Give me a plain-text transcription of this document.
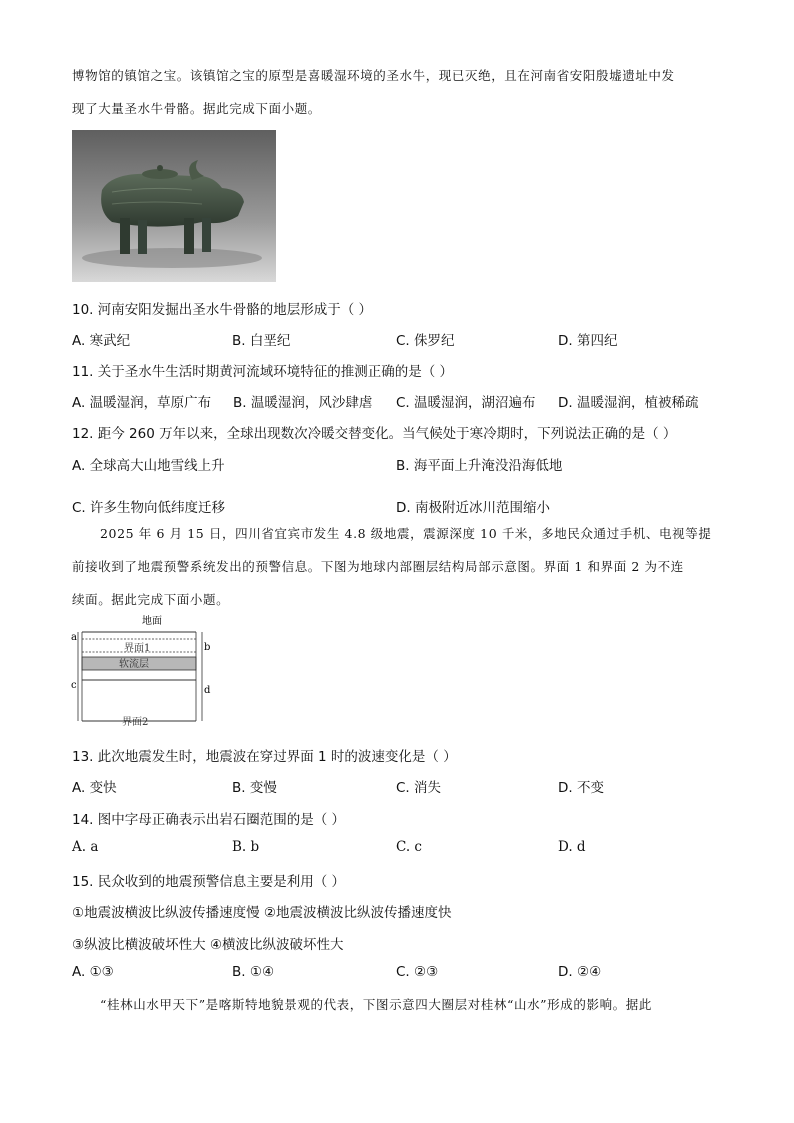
博物馆的镇馆之宝。该镇馆之宝的原型是喜暖湿环境的圣水牛，现已灭绝，且在河南省安阳殷墟遗址中发
现了大量圣水牛骨骼。据此完成下面小题。
10. 河南安阳发掘出圣水牛骨骼的地层形成于（ ）
A. 寒武纪	B. 白垩纪	C. 侏罗纪	D. 第四纪
11. 关于圣水牛生活时期黄河流域环境特征的推测正确的是（ ）
A. 温暖湿润，草原广布 B. 温暖湿润，风沙肆虐 C. 温暖湿润，湖沼遍布 D. 温暖湿润，植被稀疏
12. 距今 260 万年以来，全球出现数次冷暖交替变化。当气候处于寒冷期时，下列说法正确的是（ ）
A. 全球高大山地雪线上升	B. 海平面上升淹没沿海低地
C. 许多生物向低纬度迁移	D. 南极附近冰川范围缩小
2025 年 6 月 15 日，四川省宜宾市发生 4.8 级地震，震源深度 10 千米，多地民众通过手机、电视等提
前接收到了地震预警系统发出的预警信息。下图为地球内部圈层结构局部示意图。界面 1 和界面 2 为不连
续面。据此完成下面小题。
地面
界面1
软流层
界面2
a
c
b
d
13. 此次地震发生时，地震波在穿过界面 1 时的波速变化是（ ）
A. 变快	B. 变慢	C. 消失	D. 不变
14. 图中字母正确表示出岩石圈范围的是（ ）
A. a	B. b	C. c	D. d
15. 民众收到的地震预警信息主要是利用（ ）
①地震波横波比纵波传播速度慢 ②地震波横波比纵波传播速度快
③纵波比横波破坏性大 ④横波比纵波破坏性大
A. ①③	B. ①④	C. ②③	D. ②④
“桂林山水甲天下”是喀斯特地貌景观的代表，下图示意四大圈层对桂林“山水”形成的影响。据此
